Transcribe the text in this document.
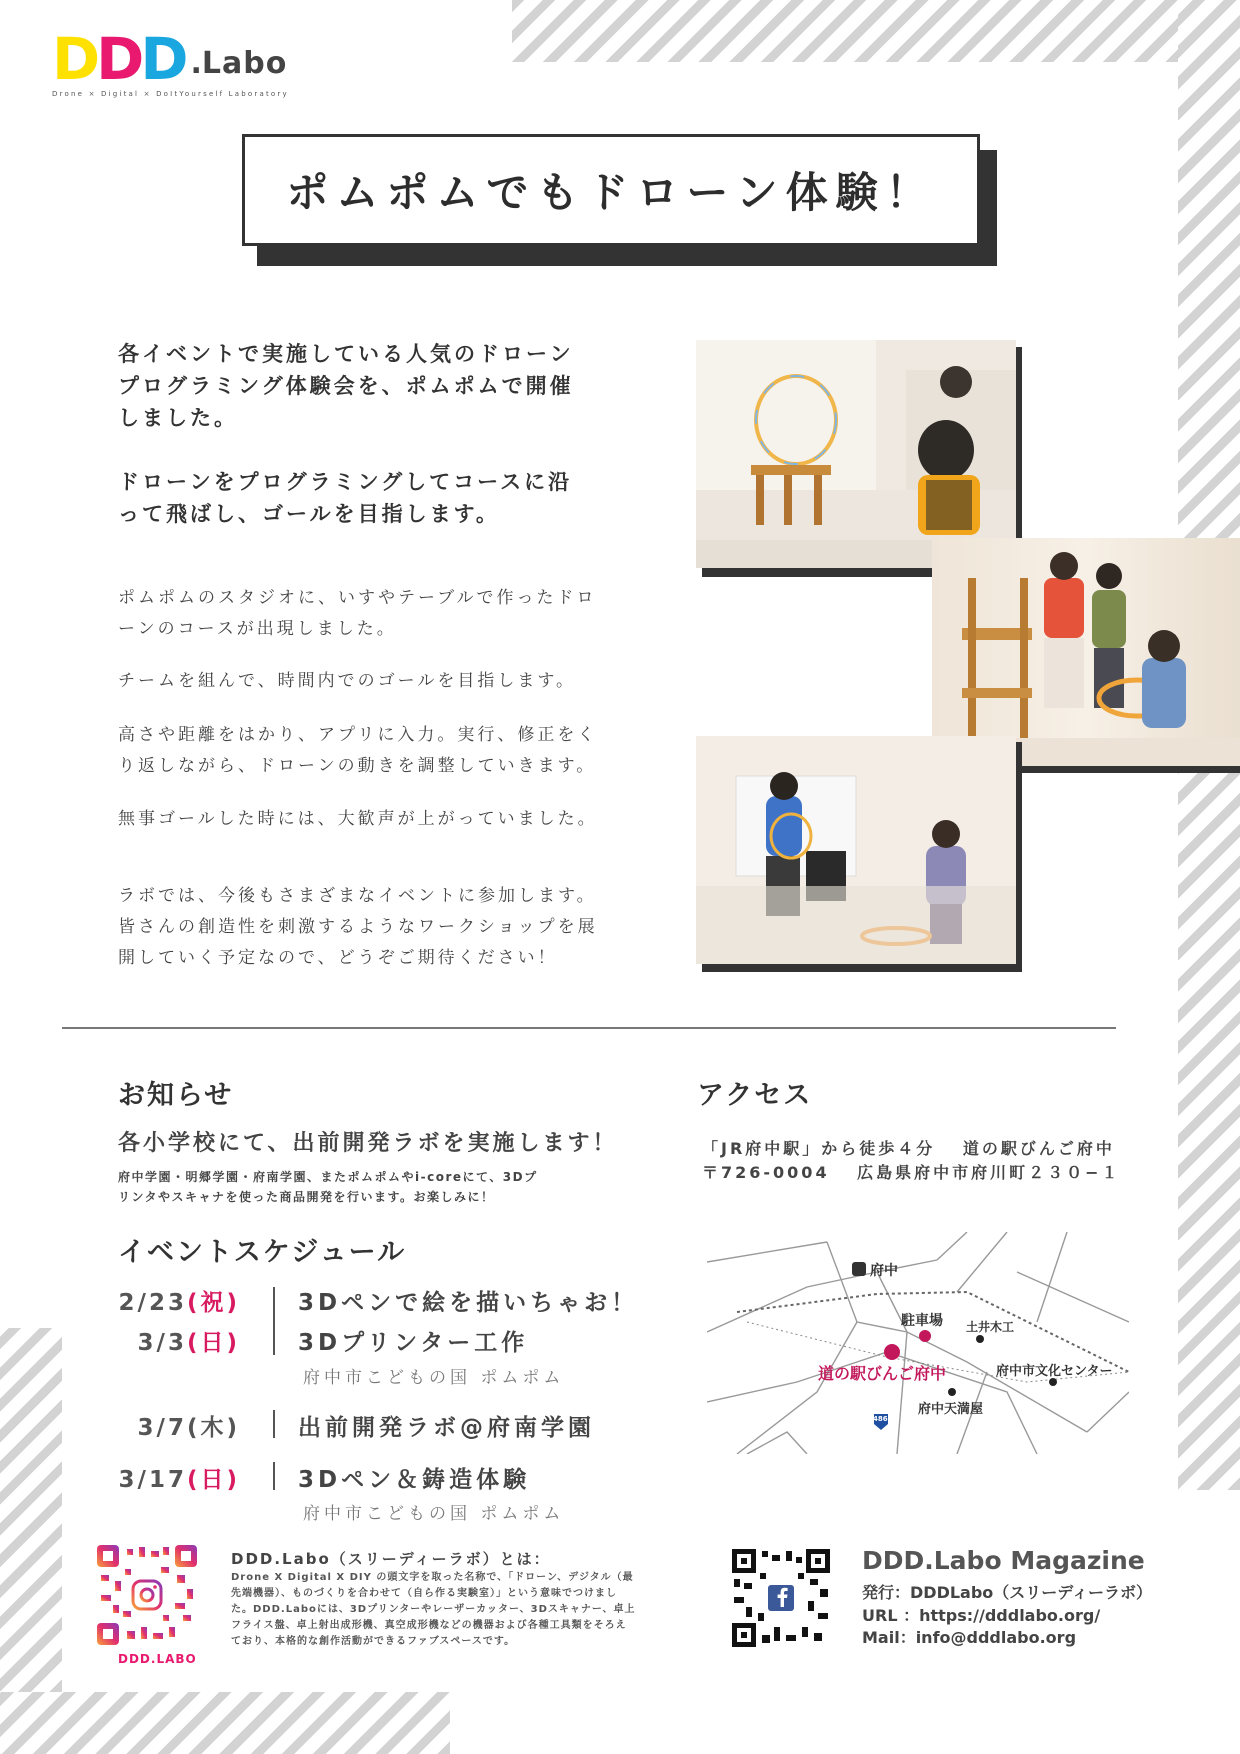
D
D
D . Labo
Drone × Digital × DoItYourself Laboratory
ポムポムでもドローン体験！
各イベントで実施している人気のドローン
プログラミング体験会を、ポムポムで開催
しました。
ドローンをプログラミングしてコースに沿
って飛ばし、ゴールを目指します。
ポムポムのスタジオに、いすやテーブルで作ったドロ
ーンのコースが出現しました。
チームを組んで、時間内でのゴールを目指します。
高さや距離をはかり、アプリに入力。実行、修正をく
り返しながら、ドローンの動きを調整していきます。
無事ゴールした時には、大歓声が上がっていました。
ラボでは、今後もさまざまなイベントに参加します。
皆さんの創造性を刺激するようなワークショップを展
開していく予定なので、どうぞご期待ください！
お知らせ
各小学校にて、出前開発ラボを実施します！
府中学園・明郷学園・府南学園、またポムポムやi-coreにて、3Dプ
リンタやスキャナを使った商品開発を行います。お楽しみに！
イベントスケジュール
2/23(祝)	3Dペンで絵を描いちゃお！
3/3(日)	3Dプリンター工作
府中市こどもの国 ポムポム
3/7(木)	出前開発ラボ@府南学園
3/17(日)	3Dペン＆鋳造体験
府中市こどもの国 ポムポム
アクセス
「JR府中駅」から徒歩４分　 道の駅びんご府中
〒726-0004　 広島県府中市府川町２３０−１
府中
駐車場 土井木工
道の駅びんご府中	府中市文化センター
府中天満屋
486
DDD.LABO
DDD.Labo（スリーディーラボ）とは：
Drone X Digital X DIY の頭文字を取った名称で、「ドローン、デジタル（最
先端機器）、ものづくりを合わせて（自ら作る実験室）」という意味でつけまし
た。DDD.Laboには、3Dプリンターやレーザーカッター、3Dスキャナー、卓上
フライス盤、卓上射出成形機、真空成形機などの機器および各種工具類をそろえ
ており、本格的な創作活動ができるファブスペースです。
DDD.Labo Magazine
発行：DDDLabo（スリーディーラボ）
URL ：https://dddlabo.org/
Mail：info@dddlabo.org
